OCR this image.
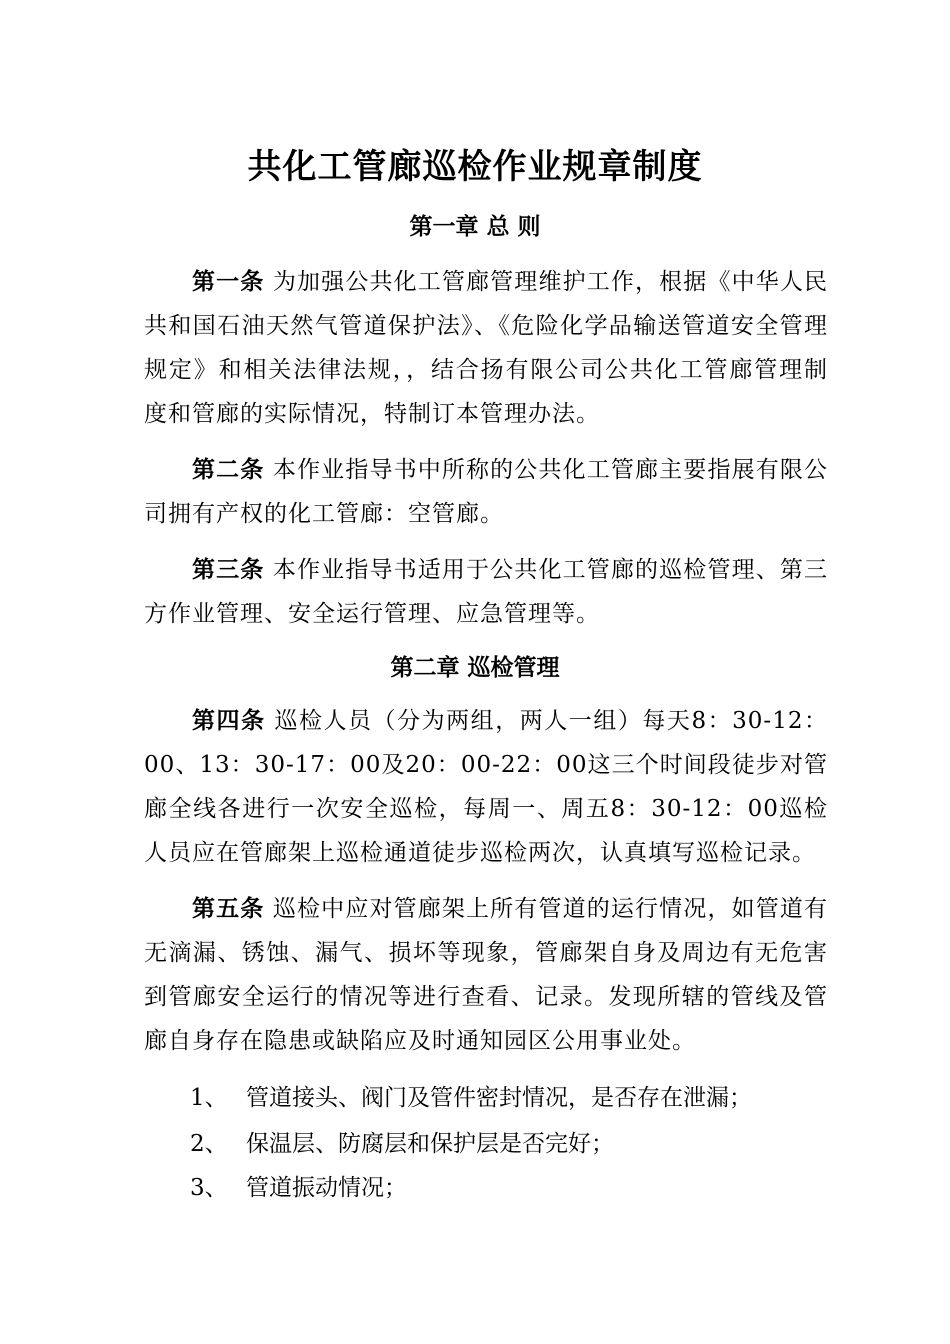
共化工管廊巡检作业规章制度
第一章 总 则

第一条 为加强公共化工管廊管理维护工作，根据《中华人民共和国石油天然气管道保护法》、《危险化学品输送管道安全管理规定》和相关法律法规，，结合扬有限公司公共化工管廊管理制度和管廊的实际情况，特制订本管理办法。

第二条 本作业指导书中所称的公共化工管廊主要指展有限公司拥有产权的化工管廊：空管廊。

第三条 本作业指导书适用于公共化工管廊的巡检管理、第三方作业管理、安全运行管理、应急管理等。

第二章 巡检管理

第四条 巡检人员（分为两组，两人一组）每天8：30-12：00、13：30-17：00及20：00-22：00这三个时间段徒步对管廊全线各进行一次安全巡检，每周一、周五8：30-12：00巡检人员应在管廊架上巡检通道徒步巡检两次，认真填写巡检记录。

第五条 巡检中应对管廊架上所有管道的运行情况，如管道有无滴漏、锈蚀、漏气、损坏等现象，管廊架自身及周边有无危害到管廊安全运行的情况等进行查看、记录。发现所辖的管线及管廊自身存在隐患或缺陷应及时通知园区公用事业处。

1、 管道接头、阀门及管件密封情况，是否存在泄漏；

2、 保温层、防腐层和保护层是否完好；

3、 管道振动情况；
